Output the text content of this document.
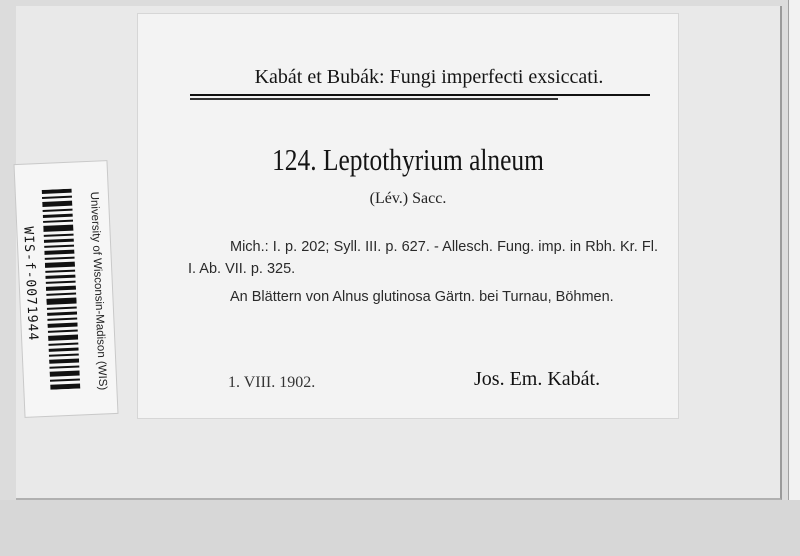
Kabát et Bubák: Fungi imperfecti exsiccati.
124. Leptothyrium alneum
(Lév.) Sacc.

Mich.: I. p. 202; Syll. III. p. 627. - Allesch. Fung. imp. in Rbh. Kr. Fl. I. Ab. VII. p. 325.

An Blättern von Alnus glutinosa Gärtn. bei Turnau, Böhmen.

1. VIII. 1902.	Jos. Em. Kabát.
WIS-f-0071944	University of Wisconsin-Madison (WIS)
